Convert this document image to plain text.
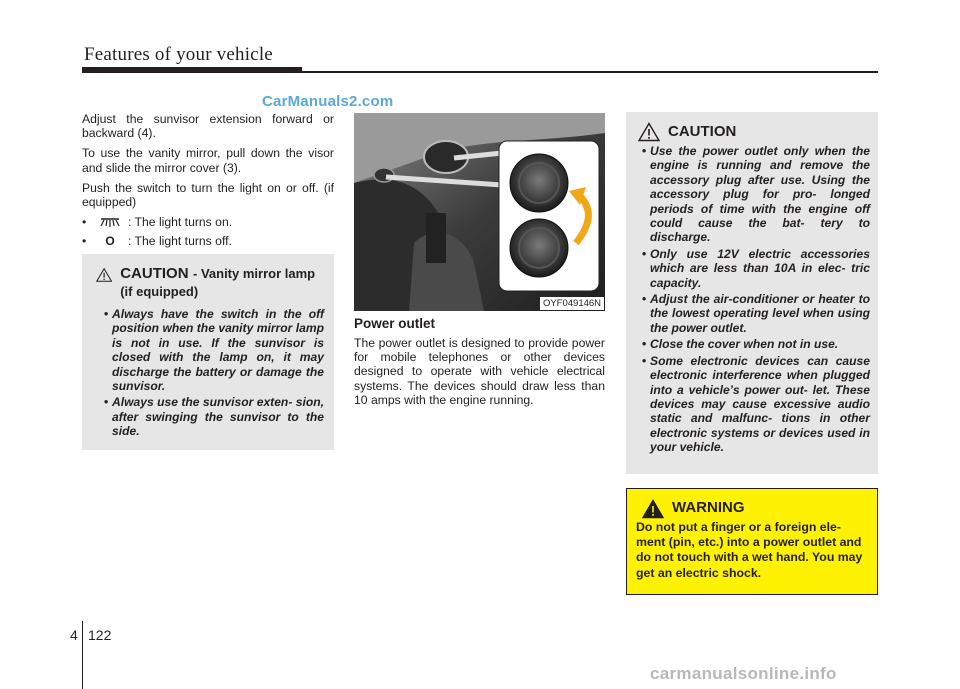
Features of your vehicle
CarManuals2.com

Adjust the sunvisor extension forward or backward (4).

To use the vanity mirror, pull down the visor and slide the mirror cover (3).

Push the switch to turn the light on or off. (if equipped)

•	: The light turns on.
•	O	: The light turns off.
CAUTION - Vanity mirror lamp (if equipped)
• Always have the switch in the off position when the vanity mirror lamp is not in use. If the sunvisor is closed with the lamp on, it may discharge the battery or damage the sunvisor.
• Always use the sunvisor exten- sion, after swinging the sunvisor to the side.
OYF049146N
Power outlet
The power outlet is designed to provide power for mobile telephones or other devices designed to operate with vehicle electrical systems. The devices should draw less than 10 amps with the engine running.
CAUTION
• Use the power outlet only when the engine is running and remove the accessory plug after use. Using the accessory plug for pro- longed periods of time with the engine off could cause the bat- tery to discharge.
• Only use 12V electric accessories which are less than 10A in elec- tric capacity.
• Adjust the air-conditioner or heater to the lowest operating level when using the power outlet.
• Close the cover when not in use.
• Some electronic devices can cause electronic interference when plugged into a vehicle’s power out- let. These devices may cause excessive audio static and malfunc- tions in other electronic systems or devices used in your vehicle.
WARNING
Do not put a finger or a foreign ele- ment (pin, etc.) into a power outlet and do not touch with a wet hand. You may get an electric shock.
4 122
carmanualsonline.info
